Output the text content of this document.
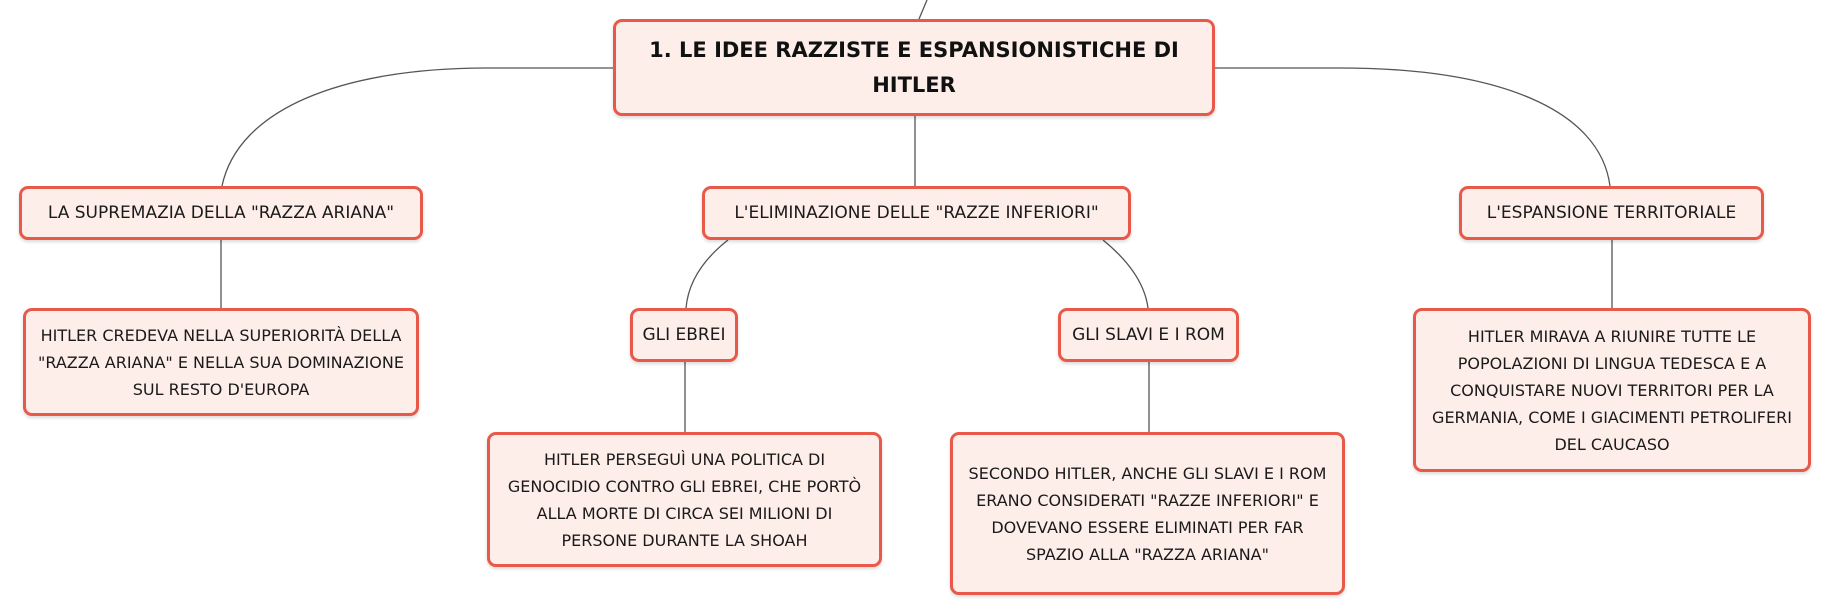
1. LE IDEE RAZZISTE E ESPANSIONISTICHE DI HITLER
LA SUPREMAZIA DELLA "RAZZA ARIANA"	L'ELIMINAZIONE DELLE "RAZZE INFERIORI"	L'ESPANSIONE TERRITORIALE
HITLER CREDEVA NELLA SUPERIORITÀ DELLA "RAZZA ARIANA" E NELLA SUA DOMINAZIONE SUL RESTO D'EUROPA
GLI EBREI	GLI SLAVI E I ROM
HITLER PERSEGUÌ UNA POLITICA DI GENOCIDIO CONTRO GLI EBREI, CHE PORTÒ ALLA MORTE DI CIRCA SEI MILIONI DI PERSONE DURANTE LA SHOAH
SECONDO HITLER, ANCHE GLI SLAVI E I ROM ERANO CONSIDERATI "RAZZE INFERIORI" E DOVEVANO ESSERE ELIMINATI PER FAR SPAZIO ALLA "RAZZA ARIANA"
HITLER MIRAVA A RIUNIRE TUTTE LE POPOLAZIONI DI LINGUA TEDESCA E A CONQUISTARE NUOVI TERRITORI PER LA GERMANIA, COME I GIACIMENTI PETROLIFERI DEL CAUCASO
